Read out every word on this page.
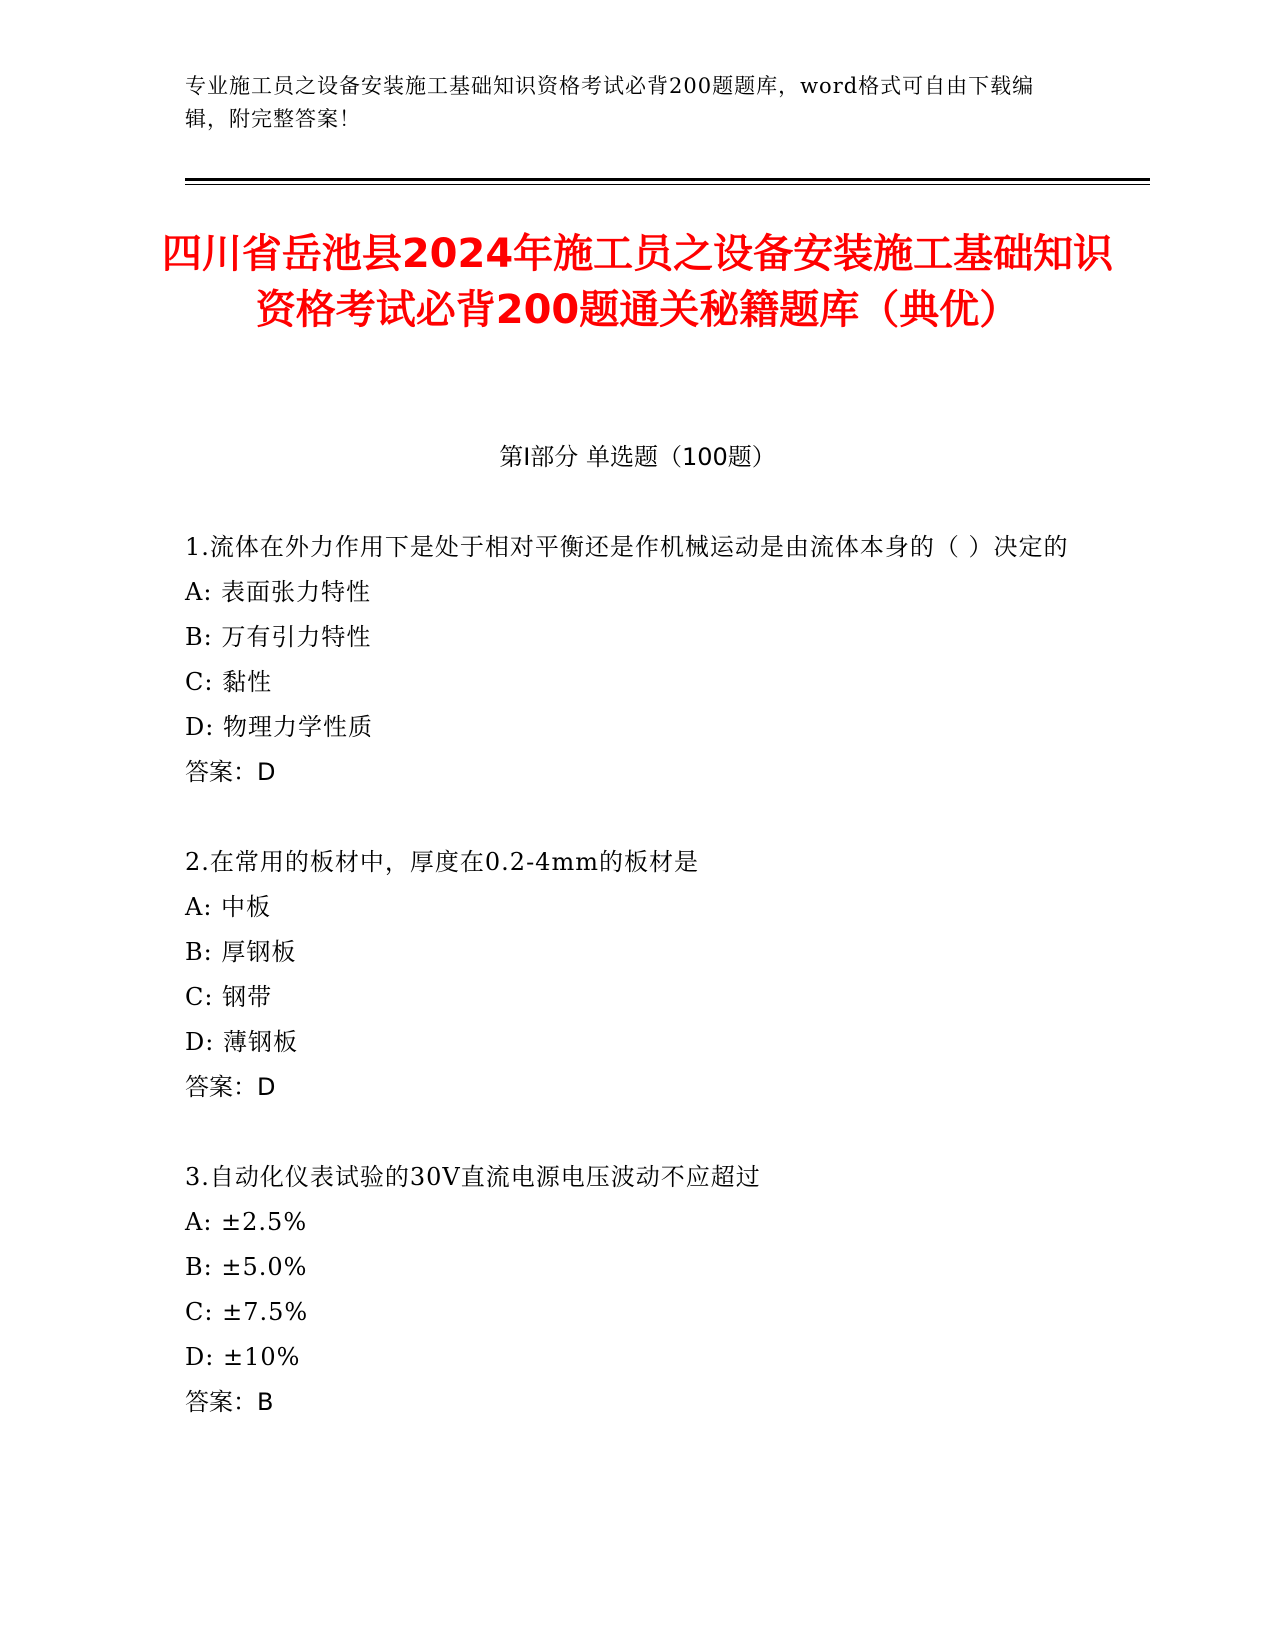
专业施工员之设备安装施工基础知识资格考试必背200题题库，word格式可自由下载编辑，附完整答案！
四川省岳池县2024年施工员之设备安装施工基础知识资格考试必背200题通关秘籍题库（典优）
第Ⅰ部分 单选题（100题）
1.流体在外力作用下是处于相对平衡还是作机械运动是由流体本身的（ ）决定的
A: 表面张力特性
B: 万有引力特性
C: 黏性
D: 物理力学性质
答案：D
2.在常用的板材中，厚度在0.2-4mm的板材是
A: 中板
B: 厚钢板
C: 钢带
D: 薄钢板
答案：D
3.自动化仪表试验的30V直流电源电压波动不应超过
A: ±2.5%
B: ±5.0%
C: ±7.5%
D: ±10%
答案：B
